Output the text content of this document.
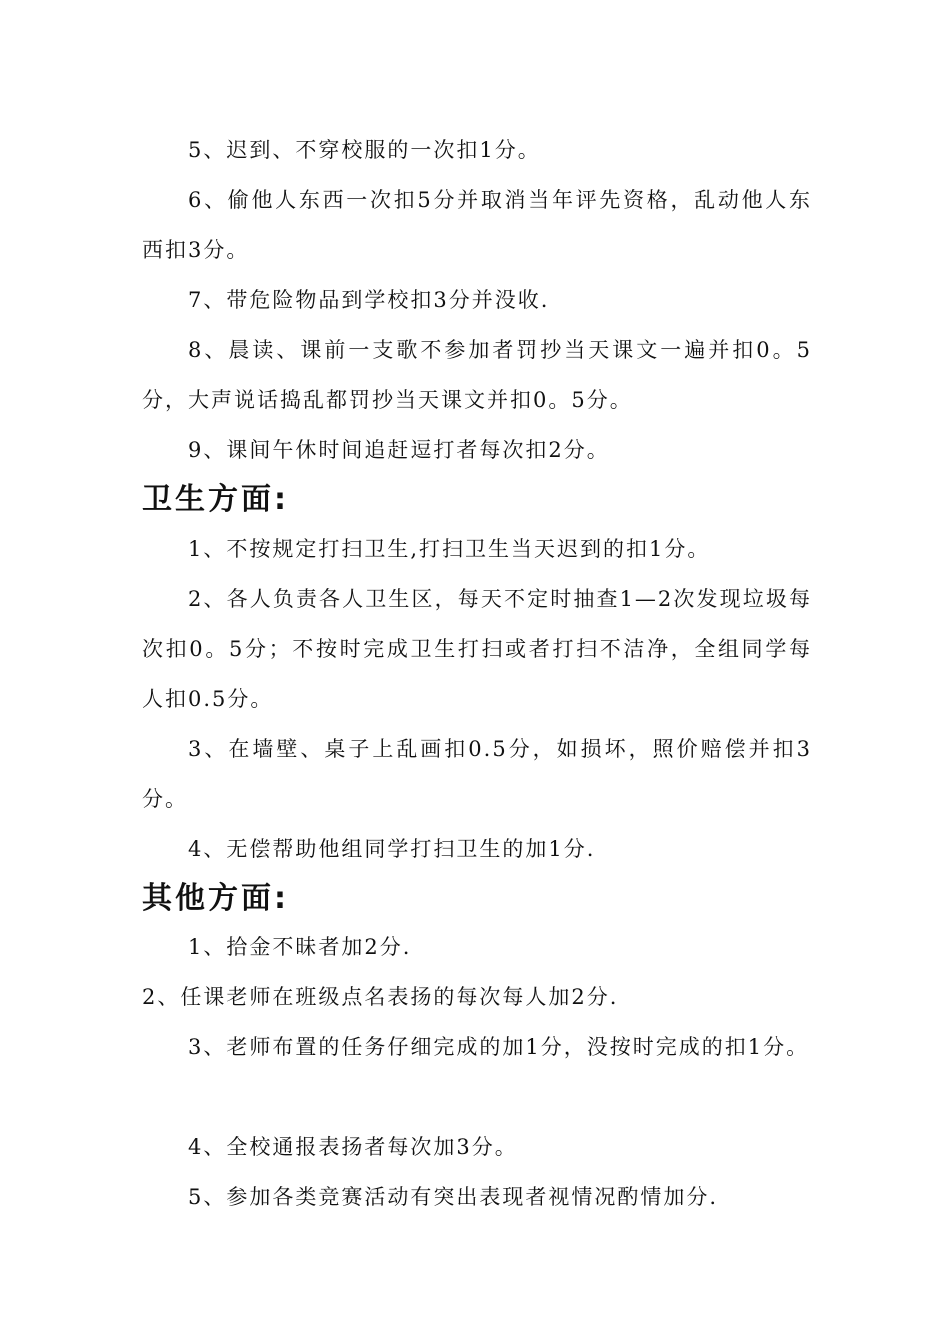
5、迟到、不穿校服的一次扣1分。
6、偷他人东西一次扣5分并取消当年评先资格，乱动他人东西扣3分。
7、带危险物品到学校扣3分并没收.
8、晨读、课前一支歌不参加者罚抄当天课文一遍并扣0。5分，大声说话捣乱都罚抄当天课文并扣0。5分。
9、课间午休时间追赶逗打者每次扣2分。
卫生方面:
1、不按规定打扫卫生,打扫卫生当天迟到的扣1分。
2、各人负责各人卫生区，每天不定时抽查1—2次发现垃圾每次扣0。5分；不按时完成卫生打扫或者打扫不洁净，全组同学每人扣0.5分。
3、在墙壁、桌子上乱画扣0.5分，如损坏，照价赔偿并扣3分。
4、无偿帮助他组同学打扫卫生的加1分.
其他方面:
1、拾金不昧者加2分.
2、任课老师在班级点名表扬的每次每人加2分.
3、老师布置的任务仔细完成的加1分，没按时完成的扣1分。
4、全校通报表扬者每次加3分。
5、参加各类竞赛活动有突出表现者视情况酌情加分.
